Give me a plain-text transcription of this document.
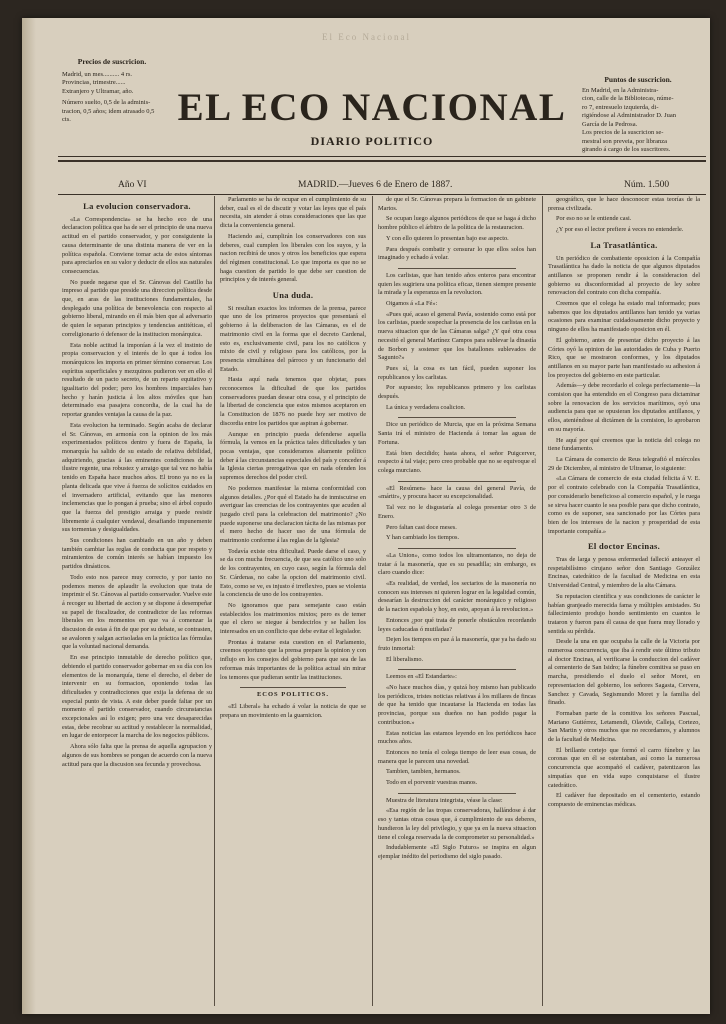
El Eco Nacional
Precios de suscricion.
Madrid, un mes.......... 4 rs.
Provincias, trimestre......
Extranjero y Ultramar, año.
Número suelto, 0,5 de la adminis-
tracion, 0,5 años; idem atrasado 0,5 cts.	EL ECO NACIONAL
DIARIO POLITICO
Puntos de suscricion.
En Madrid, en la Administra-
cion, calle de la Bibliotecas, núme-
ro 7, entresuelo izquierda, di-
rigiéndose al Administrador D. Juan
García de la Pedrosa.
Los precios de la suscricion se-
mestral son preveia, por libranza
girando á cargo de los suscritores.
Año VI	MADRID.—Jueves 6 de Enero de 1887.	Núm. 1.500
La evolucion conservadora.

«La Correspondencia» se ha hecho eco de una declaracion política que ha de ser el principio de una nueva actitud en el partido conservador, y por consiguiente la causa determinante de una distinta manera de ver en la política española. Conviene tomar acta de estos síntomas para apreciarlos en su valor y deducir de ellos sus naturales consecuencias.

No puede negarse que el Sr. Cánovas del Castillo ha impreso al partido que preside una direccion política desde que, en aras de las instituciones fundamentales, ha desplegado una política de benevolencia con respecto al gobierno liberal, mirando en él más bien que al adversario de quien le separan principios y tendencias antitéticas, el correligionario ó defensor de la institucion monárquica.

Esta noble actitud la imponían á la vez el instinto de propia conservacion y el interés de lo que á todos los monárquicos les importa en primer término conservar. Los espíritus superficiales y mezquinos pudieron ver en ello el resultado de un pacto secreto, de un reparto equitativo y igualitario del poder; pero los hombres imparciales han hecho y harán justicia á los altos móviles que han determinado esa pasajera concordia, de la cual ha de reportar grandes ventajas la causa de la paz.

Esta evolucion ha terminado. Según acaba de declarar el Sr. Cánovas, en armonía con la opinion de los más experimentados políticos dentro y fuera de España, la monarquía ha salido de su estado de relativa debilidad, adquiriendo, gracias á las eminentes condiciones de la ilustre regente, una robustez y arraigo que tal vez no había tenido en España hace muchos años. El trono ya no es la planta delicada que vive á fuerza de solícitos cuidados en el invernadero artificial, evitando que las menores inclemencias que lo pongan á prueba; sino el árbol copudo que la fuerza del prestigio arraiga y puede resistir libremente á cualquier vendaval, desafiando impunemente sus tormentas y desigualdades.

Sus condiciones han cambiado en un año y deben también cambiar las reglas de conducta que por respeto y miramientos de común interés se habían impuesto los partidos dinásticos.

Todo esto nos parece muy correcto, y por tanto no podemos menos de aplaudir la evolucion que trata de imprimir el Sr. Cánovas al partido conservador. Vuelve este á recoger su libertad de accion y se dispone á desempeñar su papel de fiscalizador, de contradictor de las reformas liberales en los momentos en que va á comenzar la discusion de estas á fin de que por su debate, se contrasten, se avaloren y salgan acrisoladas en la práctica las fórmulas que la voluntad nacional demanda.

En ese principio inmutable de derecho político que, debiendo el partido conservador gobernar en su día con los elementos de la monarquía, tiene el derecho, el deber de intervenir en su formacion, oponiendo todas las dificultades y contradicciones que exija la defensa de su especial punto de vista. A este deber puede faltar por un momento el partido conservador, cuando circunstancias excepcionales así lo exigen; pero una vez desaparecidas estas, debe recobrar su actitud y restablecer la normalidad, en lugar de entorpecer la marcha de los negocios públicos.

Ahora sólo falta que la prensa de aquella agrupacion y algunos de sus hombres se pongan de acuerdo con la nueva actitud para que la discusion sea fecunda y provechosa.

Parlamento se ha de ocupar en el cumplimiento de su deber, cual es el de discutir y votar las leyes que el país necesita, sin atender á otras consideraciones que las que dicta la conveniencia general.

Haciendo así, cumplirán los conservadores con sus deberes, cual cumplen los liberales con los suyos, y la nacion recibirá de unos y otros los beneficios que espera del régimen constitucional. Lo que importa es que no se haga cuestion de partido lo que debe ser cuestion de principios y de interés general.

Una duda.

Si resultan exactos los informes de la prensa, parece que uno de los primeros proyectos que presentará el gobierno á la deliberacion de las Cámaras, es el de matrimonio civil en la forma que el decreto Cardenal, esto es, exclusivamente civil, para los no católicos y mixto de civil y religioso para los católicos, por la presencia simultánea del párroco y un funcionario del Estado.

Hasta aquí nada tenemos que objetar, pues reconocemos la dificultad de que los partidos conservadores puedan desear otra cosa, y el principio de la libertad de conciencia que estos mismos aceptaron en la Constitucion de 1876 no puede hoy ser motivo de discordia entre los partidos que aspiran á gobernar.

Aunque en principio pueda defenderse aquella fórmula, la vemos en la práctica tales dificultades y tan pocas ventajas, que consideramos altamente político deber á las circunstancias especiales del país y conceder á la Iglesia ciertas prerogativas que en nada ofenden los supremos derechos del poder civil.

No podemos manifestar la misma conformidad con algunos detalles. ¿Por qué el Estado ha de inmiscuirse en averiguar las creencias de los contrayentes que acuden al juzgado civil para la celebracion del matrimonio? ¿No puede suponerse una declaracion tácita de las mismas por el mero hecho de hacer uso de una fórmula de matrimonio conforme á las reglas de la Iglesia?

Todavía existe otra dificultad. Puede darse el caso, y se da con mucha frecuencia, de que sea católico uno solo de los contrayentes, en cuyo caso, según la fórmula del Sr. Cárdenas, no cabe la opcion del matrimonio civil. Esto, como se ve, es injusto é irreflexivo, pues se violenta la conciencia de uno de los contrayentes.

No ignoramos que para semejante caso están establecidos los matrimonios mixtos; pero es de temer que el clero se niegue á bendecirlos y se hallen los interesados en un conflicto que debe evitar el legislador.

Prontas á tratarse esta cuestion en el Parlamento, creemos oportuno que la prensa prepare la opinion y con influjo en los consejos del gobierno para que sea de las reformas más importantes de la política actual sin mirar los temores que pudieran sentir las instituciones.

ECOS POLITICOS.

«El Liberal» ha echado á volar la noticia de que se prepara un movimiento en la guarnicion.

de que el Sr. Cánovas prepara la formacion de un gabinete Martos.

Se ocupan luego algunos periódicos de que se haga á dicho hombre público el árbitro de la política de la restauracion.

Y con ello quieren lo presentan bajo ese aspecto.

Para después combatir y censurar lo que ellos solos han imaginado y echado á volar.

Los carlistas, que han tenido años enteros para encontrar quien les sugiriera una política eficaz, tienen siempre presente la mirada y la esperanza en la revolucion.

Oigamos á «La Fé»:

«Pues qué, acaso el general Pavía, sostenido como está por los carlistas, puede sospechar la presencia de los carlistas en la nueva situacion que de las Cámaras salga? ¿Y qué otra cosa necesitó el general Martínez Campos para sublevar la dinastía de Borbon y sostener que los batallones sublevados de Sagunto?»

Pues sí, la cosa es tan fácil, pueden suponer los republicanos y los carlistas.

Por supuesto; los republicanos primero y los carlistas después.

La única y verdadera coalicion.

Dice un periódico de Murcia, que en la próxima Semana Santa irá el ministro de Hacienda á tomar las aguas de Fortuna.

Está bien decidido; hasta ahora, el señor Puigcerver, respecto á tal viaje; pero creo probable que no se equivoque el colega murciano.

«El Resúmen» hace la causa del general Pavía, de «mártir», y procura hacer su excepcionalidad.

Tal vez no le disgustaría al colega presentar otro 3 de Enero.

Pero faltan casi doce meses.

Y han cambiado los tiempos.

«La Union», como todos los ultramontanos, no deja de tratar á la masonería, que es su pesadilla; sin embargo, es claro cuando dice:

«Es realidad, de verdad, los sectarios de la masonería no conocen sus intereses ni quieren lograr en la legalidad común, desearían la destruccion del carácter monárquico y religioso de la nacion española y hoy, en esto, apoyan á la revolucion.»

Entonces ¿por qué trata de ponerle obstáculos recordando leyes caducadas ó mutiladas?

Dejen los tiempos en paz á la masonería, que ya ha dado su fruto inmortal:

El liberalismo.

Leemos en «El Estandarte»:

«No hace muchos días, y quizá hoy mismo han publicado los periódicos, tristes noticias relativas á los millares de fincas de que ha tenido que incautarse la Hacienda en todas las provincias, porque sus dueños no han podido pagar la contribucion.»

Estas noticias las estamos leyendo en los periódicos hace muchos años.

Entonces no tenía el colega tiempo de leer esas cosas, de manera que le parecen una novedad.

Tambien, tambien, hermanos.

Todo en el porvenir vuestras manos.

Muestra de literatura integrista, véase la clase:

«Esa región de las tropas conservadoras, hallándose á dar eso y tantas otras cosas que, á cumplimiento de sus deberes, hundieron la ley del privilegio, y que ya en la nueva situacion tiene el colega reservada la de comprometer su personalidad.»

Indudablemente «El Siglo Futuro» se inspira en algun ejemplar inédito del periodismo del siglo pasado.

geográfico, que le hace desconocer estas teorías de la prensa civilizada.

Por eso no se le entiende casi.

¿Y por eso el lector prefiere á veces no entenderle.

La Trasatlántica.

Un periódico de combatiente oposicion á la Compañía Trasatlántica ha dado la noticia de que algunos diputados antillanos se proponen rendir á la consideracion del gobierno su disconformidad al proyecto de ley sobre renovacion del contrato con dicha compañía.

Creemos que el colega ha estado mal informado; pues sabemos que los diputados antillanos han tenido ya varias ocasiones para examinar cuidadosamente dicho proyecto y ninguno de ellos ha manifestado oposicion en él.

El gobierno, antes de presentar dicho proyecto á las Córtes oyó la opinion de las autoridades de Cuba y Puerto Rico, que se mostraron conformes, y los diputados antillanos en su mayor parte han manifestado su adhesion á los proyectos del gobierno en este particular.

Además—y debe recordarlo el colega perfectamente—la comision que ha entendido en el Congreso para dictaminar sobre la renovacion de los servicios marítimos, oyó una audiencia para que se opusieran los diputados antillanos, y ellos, ateniéndose al dictámen de la comision, lo aprobaron en su mayoría.

He aquí por qué creemos que la noticia del colega no tiene fundamento.

La Cámara de comercio de Reus telegrafió el miércoles 29 de Diciembre, al ministro de Ultramar, lo siguiente:

«La Cámara de comercio de esta ciudad felicita á V. E. por el contrato celebrado con la Compañía Trasatlántica, por considerarlo beneficioso al comercio español, y le ruega se sirva hacer cuanto le sea posible para que dicho contrato, como es de suponer, sea sancionado por las Córtes para bien de los intereses de la nacion y prosperidad de esta importante compañía.»

El doctor Encinas.

Tras de larga y penosa enfermedad falleció anteayer el respetabilísimo cirujano señor don Santiago González Encinas, catedrático de la facultad de Medicina en esta Universidad Central, y miembro de la alta Cámara.

Su reputacion científica y sus condiciones de carácter le habían granjeado merecida fama y múltiples amistades. Su fallecimiento produjo hondo sentimiento en cuantos le trataron y fueron para él causa de que fuera muy llorado y sentida su pérdida.

Desde la una en que ocupaba la calle de la Victoria por numerosa concurrencia, que iba á rendir este último tributo al doctor Encinas, al verificarse la conduccion del cadáver al cementerio de San Isidro; la fúnebre comitiva se puso en marcha, presidiendo el duelo el señor Moret, en representacion del gobierno, los señores Sagasta, Cervera, Sanchez y Cavada, Segismundo Moret y la familia del finado.

Formaban parte de la comitiva los señores Pascual, Mariano Gutiérrez, Letamendi, Olavide, Calleja, Cortezo, San Martin y otros muchos que no recordamos, y alumnos de la facultad de Medicina.

El brillante cortejo que formó el carro fúnebre y las coronas que en él se ostentaban, así como la numerosa concurrencia que acompañó el cadáver, patentizaron las simpatías que en vida supo conquistarse el ilustre catedrático.

El cadáver fue depositado en el cementerio, estando compuesto de eminencias médicas.
